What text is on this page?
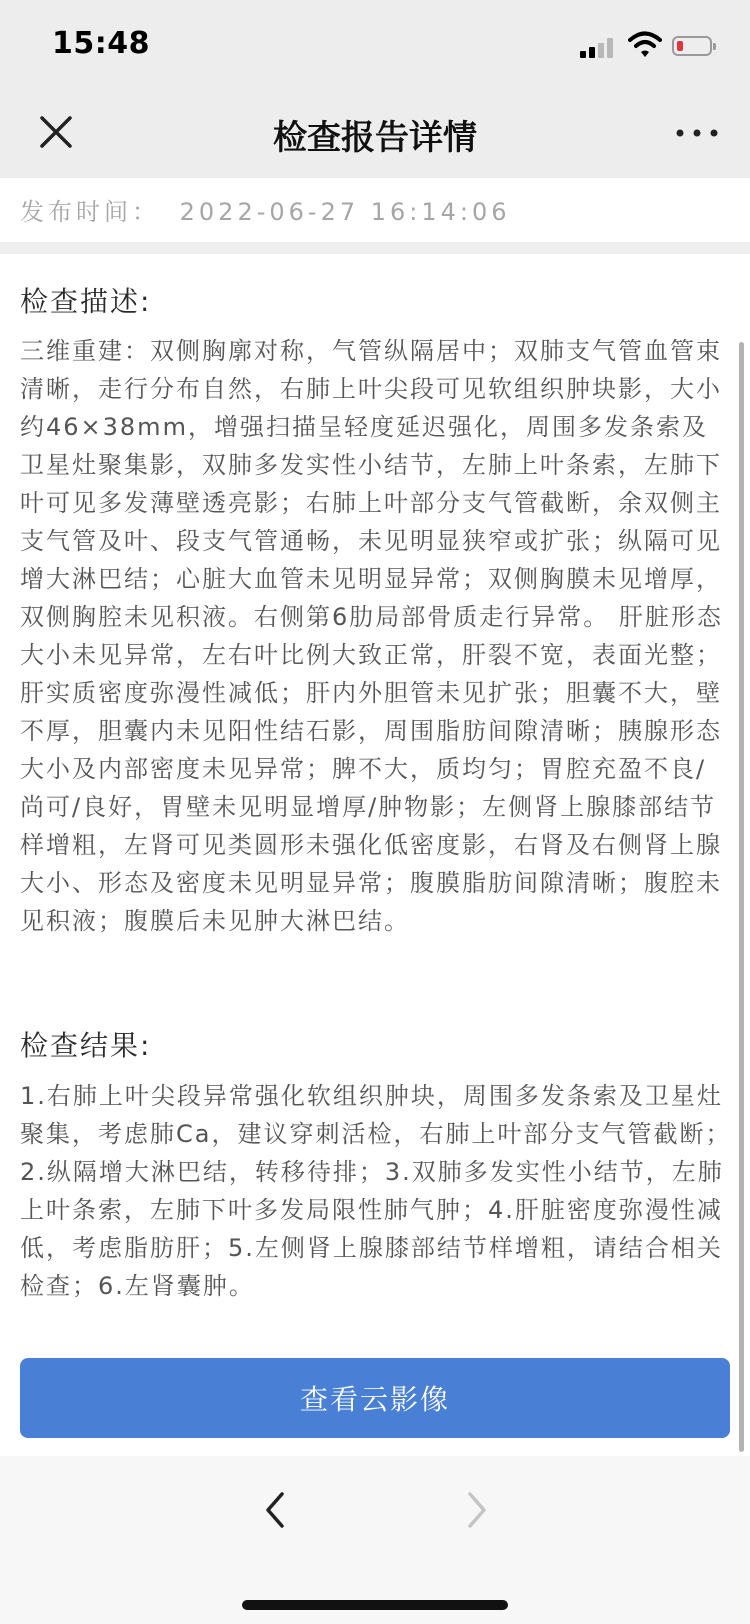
15:48
检查报告详情
发布时间： 2022-06-27 16:14:06
检查描述:

三维重建：双侧胸廓对称，气管纵隔居中；双肺支气管血管束清晰，走行分布自然，右肺上叶尖段可见软组织肿块影，大小约46×38mm，增强扫描呈轻度延迟强化，周围多发条索及卫星灶聚集影，双肺多发实性小结节，左肺上叶条索，左肺下叶可见多发薄壁透亮影；右肺上叶部分支气管截断，余双侧主支气管及叶、段支气管通畅，未见明显狭窄或扩张；纵隔可见增大淋巴结；心脏大血管未见明显异常；双侧胸膜未见增厚，双侧胸腔未见积液。右侧第6肋局部骨质走行异常。 肝脏形态大小未见异常，左右叶比例大致正常，肝裂不宽，表面光整；肝实质密度弥漫性减低；肝内外胆管未见扩张；胆囊不大，壁不厚，胆囊内未见阳性结石影，周围脂肪间隙清晰；胰腺形态大小及内部密度未见异常；脾不大，质均匀；胃腔充盈不良/尚可/良好，胃壁未见明显增厚/肿物影；左侧肾上腺膝部结节样增粗，左肾可见类圆形未强化低密度影，右肾及右侧肾上腺大小、形态及密度未见明显异常；腹膜脂肪间隙清晰；腹腔未见积液；腹膜后未见肿大淋巴结。

检查结果:

1.右肺上叶尖段异常强化软组织肿块，周围多发条索及卫星灶聚集，考虑肺Ca，建议穿刺活检，右肺上叶部分支气管截断；2.纵隔增大淋巴结，转移待排；3.双肺多发实性小结节，左肺上叶条索，左肺下叶多发局限性肺气肿；4.肝脏密度弥漫性减低，考虑脂肪肝；5.左侧肾上腺膝部结节样增粗，请结合相关检查；6.左肾囊肿。

查看云影像
